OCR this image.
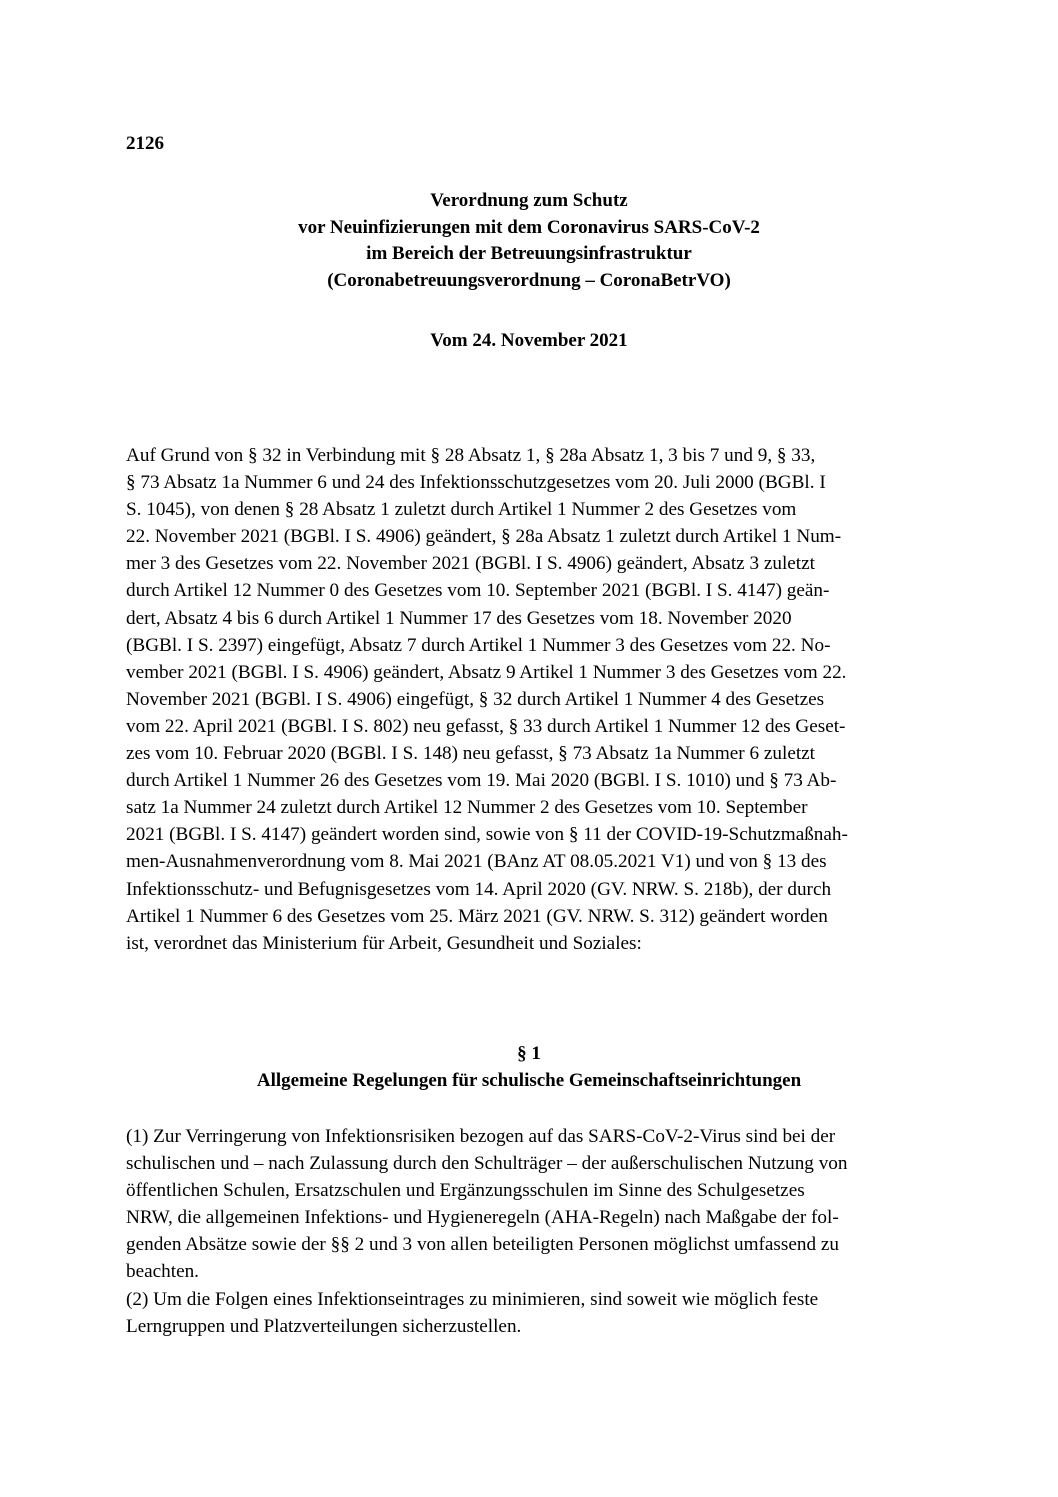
2126
Verordnung zum Schutz
vor Neuinfizierungen mit dem Coronavirus SARS-CoV-2
im Bereich der Betreuungsinfrastruktur
(Coronabetreuungsverordnung – CoronaBetrVO)
Vom 24. November 2021
Auf Grund von § 32 in Verbindung mit § 28 Absatz 1, § 28a Absatz 1, 3 bis 7 und 9, § 33,
§ 73 Absatz 1a Nummer 6 und 24 des Infektionsschutzgesetzes vom 20. Juli 2000 (BGBl. I
S. 1045), von denen § 28 Absatz 1 zuletzt durch Artikel 1 Nummer 2 des Gesetzes vom
22. November 2021 (BGBl. I S. 4906) geändert, § 28a Absatz 1 zuletzt durch Artikel 1 Num-
mer 3 des Gesetzes vom 22. November 2021 (BGBl. I S. 4906) geändert, Absatz 3 zuletzt
durch Artikel 12 Nummer 0 des Gesetzes vom 10. September 2021 (BGBl. I S. 4147) geän-
dert, Absatz 4 bis 6 durch Artikel 1 Nummer 17 des Gesetzes vom 18. November 2020
(BGBl. I S. 2397) eingefügt, Absatz 7 durch Artikel 1 Nummer 3 des Gesetzes vom 22. No-
vember 2021 (BGBl. I S. 4906) geändert, Absatz 9 Artikel 1 Nummer 3 des Gesetzes vom 22.
November 2021 (BGBl. I S. 4906) eingefügt, § 32 durch Artikel 1 Nummer 4 des Gesetzes
vom 22. April 2021 (BGBl. I S. 802) neu gefasst, § 33 durch Artikel 1 Nummer 12 des Geset-
zes vom 10. Februar 2020 (BGBl. I S. 148) neu gefasst, § 73 Absatz 1a Nummer 6 zuletzt
durch Artikel 1 Nummer 26 des Gesetzes vom 19. Mai 2020 (BGBl. I S. 1010) und § 73 Ab-
satz 1a Nummer 24 zuletzt durch Artikel 12 Nummer 2 des Gesetzes vom 10. September
2021 (BGBl. I S. 4147) geändert worden sind, sowie von § 11 der COVID-19-Schutzmaßnah-
men-Ausnahmenverordnung vom 8. Mai 2021 (BAnz AT 08.05.2021 V1) und von § 13 des
Infektionsschutz- und Befugnisgesetzes vom 14. April 2020 (GV. NRW. S. 218b), der durch
Artikel 1 Nummer 6 des Gesetzes vom 25. März 2021 (GV. NRW. S. 312) geändert worden
ist, verordnet das Ministerium für Arbeit, Gesundheit und Soziales:
§ 1
Allgemeine Regelungen für schulische Gemeinschaftseinrichtungen
(1) Zur Verringerung von Infektionsrisiken bezogen auf das SARS-CoV-2-Virus sind bei der
schulischen und – nach Zulassung durch den Schulträger – der außerschulischen Nutzung von
öffentlichen Schulen, Ersatzschulen und Ergänzungsschulen im Sinne des Schulgesetzes
NRW, die allgemeinen Infektions- und Hygieneregeln (AHA-Regeln) nach Maßgabe der fol-
genden Absätze sowie der §§ 2 und 3 von allen beteiligten Personen möglichst umfassend zu
beachten.
(2) Um die Folgen eines Infektionseintrages zu minimieren, sind soweit wie möglich feste
Lerngruppen und Platzverteilungen sicherzustellen.
